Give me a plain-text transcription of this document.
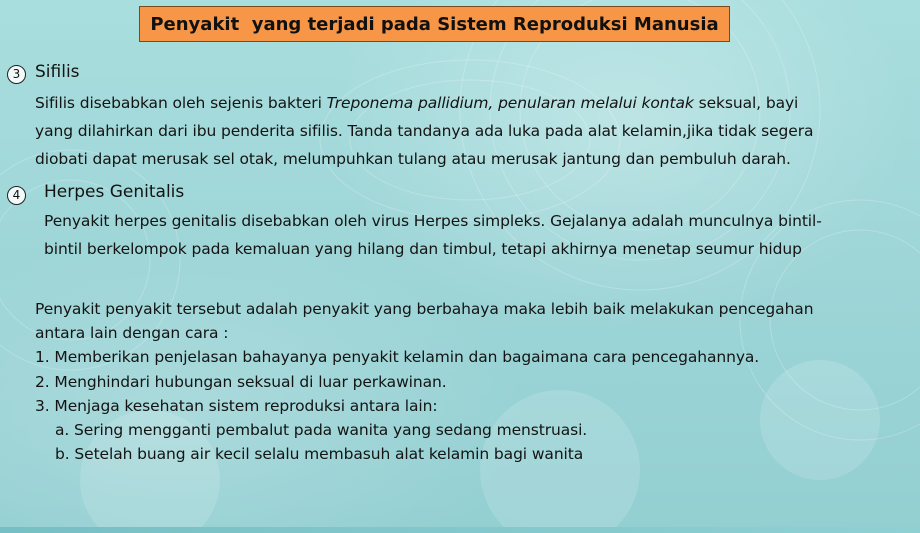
Penyakit  yang terjadi pada Sistem Reproduksi Manusia
3 Sifilis
Sifilis disebabkan oleh sejenis bakteri Treponema pallidium, penularan melalui kontak seksual, bayi
yang dilahirkan dari ibu penderita sifilis. Tanda tandanya ada luka pada alat kelamin,jika tidak segera
diobati dapat merusak sel otak, melumpuhkan tulang atau merusak jantung dan pembuluh darah.
4	Herpes Genitalis
Penyakit herpes genitalis disebabkan oleh virus Herpes simpleks. Gejalanya adalah munculnya bintil-
bintil berkelompok pada kemaluan yang hilang dan timbul, tetapi akhirnya menetap seumur hidup
Penyakit penyakit tersebut adalah penyakit yang berbahaya maka lebih baik melakukan pencegahan
antara lain dengan cara :
1. Memberikan penjelasan bahayanya penyakit kelamin dan bagaimana cara pencegahannya.
2. Menghindari hubungan seksual di luar perkawinan.
3. Menjaga kesehatan sistem reproduksi antara lain:
a. Sering mengganti pembalut pada wanita yang sedang menstruasi.
b. Setelah buang air kecil selalu membasuh alat kelamin bagi wanita
